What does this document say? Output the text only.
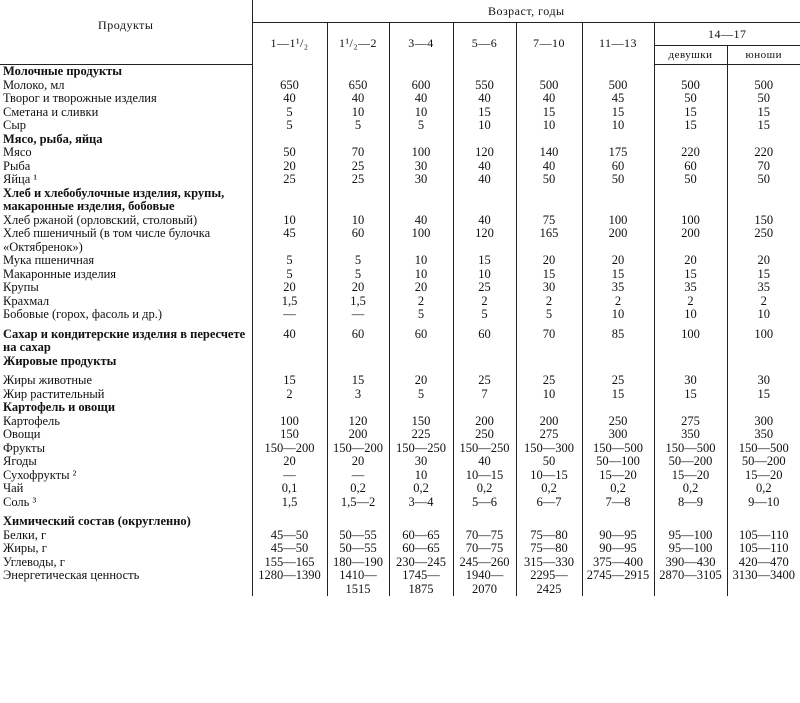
Продукты	Возраст, годы							
	1—1¹/₂	1¹/₂—2	3—4	5—6	7—10	11—13	14—17	
							девушки	юноши
Молочные продукты								
Молоко, мл	650	650	600	550	500	500	500	500
Творог и творожные изделия	40	40	40	40	40	45	50	50
Сметана и сливки	5	10	10	15	15	15	15	15
Сыр	5	5	5	10	10	10	15	15
Мясо, рыба, яйца								
Мясо	50	70	100	120	140	175	220	220
Рыба	20	25	30	40	40	60	60	70
Яйца ¹	25	25	30	40	50	50	50	50
Хлеб и хлебобулочные изделия, крупы, макаронные изделия, бобовые								
Хлеб ржаной (орловский, столовый)	10	10	40	40	75	100	100	150
Хлеб пшеничный (в том числе булочка «Октябренок»)	45	60	100	120	165	200	200	250
Мука пшеничная	5	5	10	15	20	20	20	20
Макаронные изделия	5	5	10	10	15	15	15	15
Крупы	20	20	20	25	30	35	35	35
Крахмал	1,5	1,5	2	2	2	2	2	2
Бобовые (горох, фасоль и др.)	—	—	5	5	5	10	10	10

Сахар и кондитерские изделия в пересчете на сахар	40	60	60	60	70	85	100	100
Жировые продукты								

Жиры животные	15	15	20	25	25	25	30	30
Жир растительный	2	3	5	7	10	15	15	15
Картофель и овощи								
Картофель	100	120	150	200	200	250	275	300
Овощи	150	200	225	250	275	300	350	350
Фрукты	150—200	150—200	150—250	150—250	150—300	150—500	150—500	150—500
Ягоды	20	20	30	40	50	50—100	50—200	50—200
Сухофрукты ²	—	—	10	10—15	10—15	15—20	15—20	15—20
Чай	0,1	0,2	0,2	0,2	0,2	0,2	0,2	0,2
Соль ³	1,5	1,5—2	3—4	5—6	6—7	7—8	8—9	9—10

Химический состав (округленно)								
Белки, г	45—50	50—55	60—65	70—75	75—80	90—95	95—100	105—110
Жиры, г	45—50	50—55	60—65	70—75	75—80	90—95	95—100	105—110
Углеводы, г	155—165	180—190	230—245	245—260	315—330	375—400	390—430	420—470
Энергетическая ценность	1280—1390	1410—1515	1745—1875	1940—2070	2295—2425	2745—2915	2870—3105	3130—3400
